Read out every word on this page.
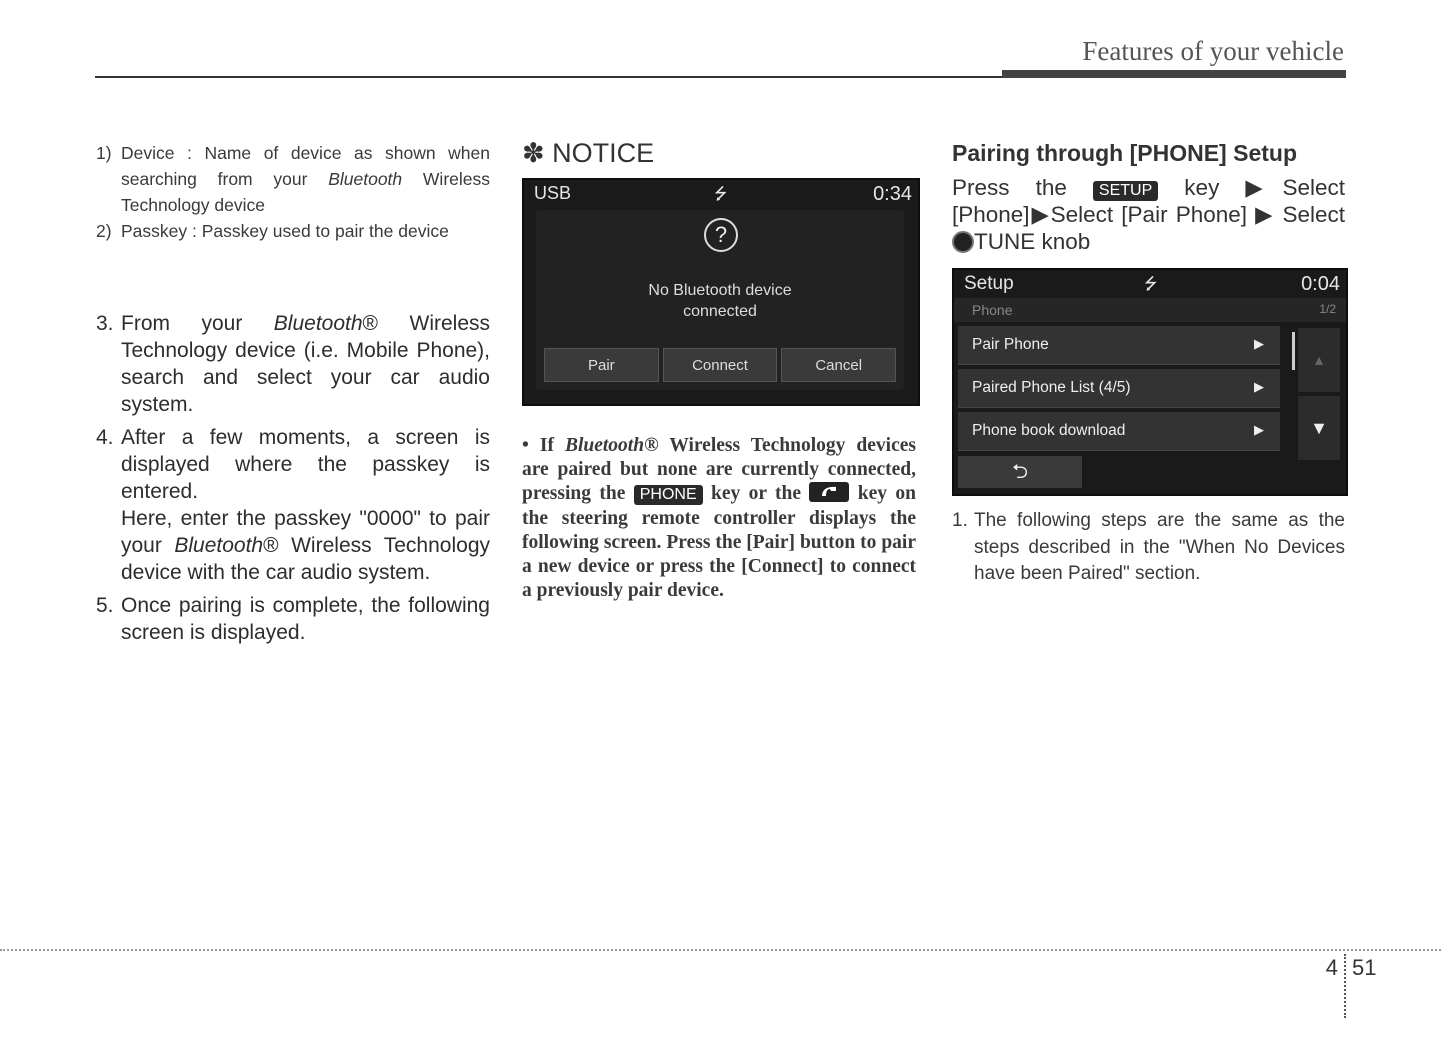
Features of your vehicle
1) Device : Name of device as shown when searching from your Bluetooth Wireless Technology device
2) Passkey : Passkey used to pair the device
3. From your Bluetooth® Wireless Technology device (i.e. Mobile Phone), search and select your car audio system.
4. After a few moments, a screen is displayed where the passkey is entered.

Here, enter the passkey "0000" to pair your Bluetooth® Wireless Technology device with the car audio system.

5. Once pairing is complete, the following screen is displayed.
✽ NOTICE
USB	⭍	0:34
?
No Bluetooth device
connected
Pair	Connect	Cancel
• If Bluetooth® Wireless Technology devices are paired but none are currently connected, pressing the PHONE key or the
key on the steering remote controller displays the following screen. Press the [Pair] button to pair a new device or press the [Connect] to connect a previously pair device.
Pairing through [PHONE] Setup
Press the SETUP key ▶Select [Phone]▶Select [Pair Phone] ▶ Select TUNE knob
Setup	⭍	0:04
Phone	1/2
Pair Phone	▶
Paired Phone List (4/5)	▶
Phone book download	▶
▲
▼
⮌
1. The following steps are the same as the steps described in the "When No Devices have been Paired" section.
4 51
